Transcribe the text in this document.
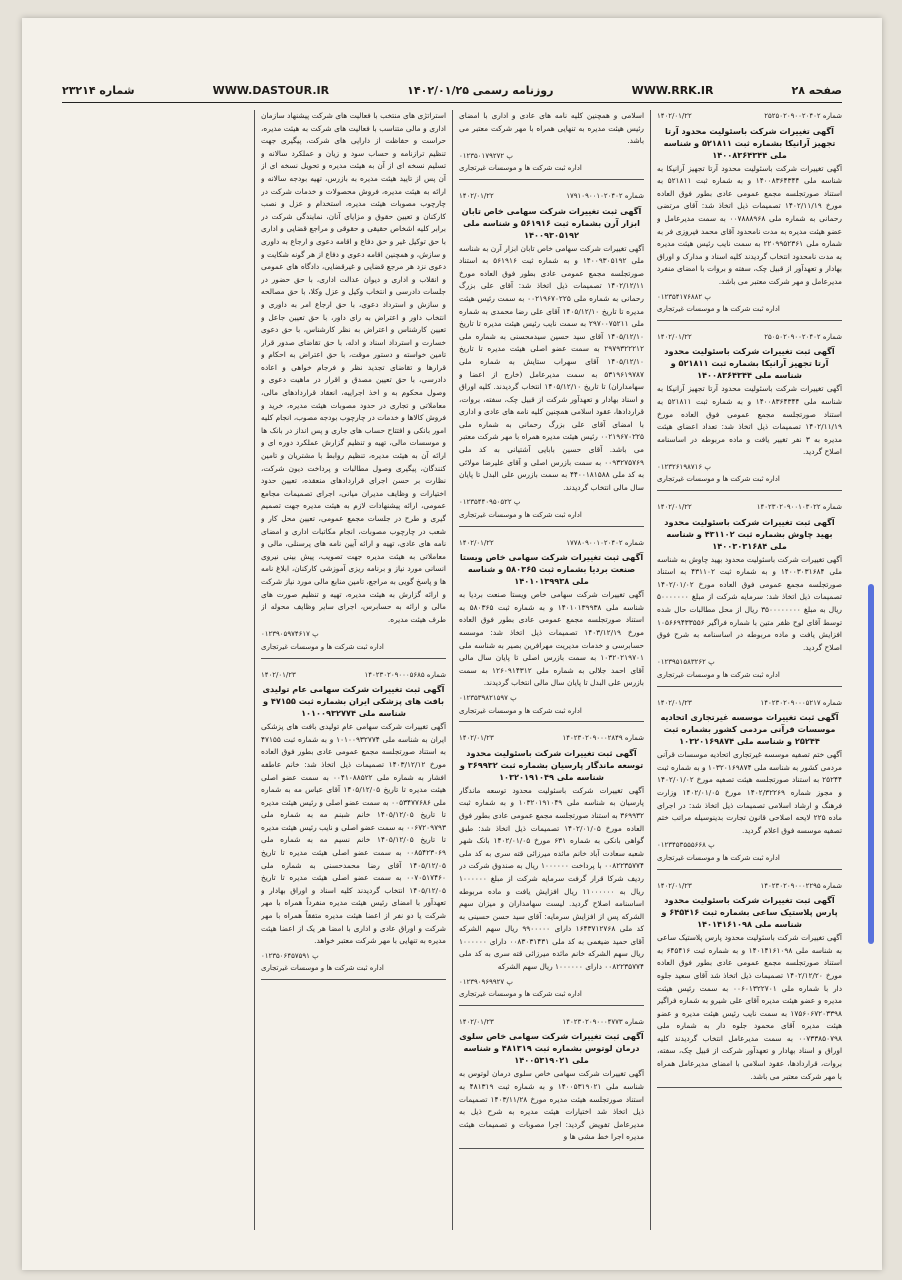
شماره ۲۳۲۱۴	WWW.DASTOUR.IR	روزنامه رسمی ۱۴۰۲/۰۱/۲۵	WWW.RRK.IR	صفحه ۲۸
۱۴۰۲/۰۱/۲۲	شماره ۲۵۲۵۰۲۰۹۰۰۲۰۴۰۲
آگهی تغییرات شرکت باسئولیت محدود آرتا تجهیز آرانیکا بشماره ثبت ۵۲۱۸۱۱ و شناسه ملی ۱۴۰۰۸۳۶۴۳۴۴
آگهی تغییرات شرکت باسئولیت محدود آرتا تجهیز آرانیکا به شناسه ملی ۱۴۰۰۸۳۶۴۳۴۴ و به شماره ثبت ۵۲۱۸۱۱ به استناد صورتجلسه مجمع عمومی عادی بطور فوق العاده مورخ ۱۴۰۲/۱۱/۱۹ تصمیمات ذیل اتخاذ شد: آقای مرتضی رحمانی به شماره ملی ۰۰۷۸۸۸۹۶۸ به سمت مدیرعامل و عضو هیئت مدیره به مدت نامحدود آقای محمد فیروزی فر به شماره ملی ۲۲۰۹۹۵۲۳۶۱ به سمت نایب رئیس هیئت مدیره به مدت نامحدود انتخاب گردیدند کلیه اسناد و مدارک و اوراق بهادار و تعهدآور از قبیل چک، سفته و بروات با امضای منفرد مدیرعامل و مهر شرکت معتبر می باشد.
پ ۰۱۲۳۵۴۱۷۶۸۸۲
اداره ثبت شرکت ها و موسسات غیرتجاری
۱۴۰۲/۰۱/۲۲	شماره ۲۵۰۵۰۲۰۹۰۰۲۰۴۰۲
آگهی ثبت تغییرات شرکت باسئولیت محدود آرتا تجهیز آرانیکا بشماره ثبت ۵۲۱۸۱۱ و شناسه ملی ۱۴۰۰۸۳۶۴۳۴۴
آگهی تغییرات شرکت باسئولیت محدود آرتا تجهیز آرانیکا به شناسه ملی ۱۴۰۰۸۳۶۴۳۴۴ و به شماره ثبت ۵۲۱۸۱۱ به استناد صورتجلسه مجمع عمومی فوق العاده مورخ ۱۴۰۲/۱۱/۱۹ تصمیمات ذیل اتخاذ شد: تعداد اعضای هیئت مدیره به ۳ نفر تغییر یافت و ماده مربوطه در اساسنامه اصلاح گردید.
پ ۰۱۲۳۲۶۱۹۸۷۱۶
اداره ثبت شرکت ها و موسسات غیرتجاری
۱۴۰۲/۰۱/۲۲	شماره ۱۴۰۲۳۰۲۰۹۰۰۱۰۳۰۲۲
آگهی ثبت تغییرات شرکت باسئولیت محدود بهید چاوش بشماره ثبت ۴۳۱۱۰۲ و شناسه ملی ۱۴۰۰۳۰۳۱۶۸۴
آگهی تغییرات شرکت باسئولیت محدود بهید چاوش به شناسه ملی ۱۴۰۰۳۰۳۱۶۸۴ و به شماره ثبت ۴۳۱۱۰۲ به استناد صورتجلسه مجمع عمومی فوق العاده مورخ ۱۴۰۲/۰۱/۰۲ تصمیمات ذیل اتخاذ شد: سرمایه شرکت از مبلغ ۵۰۰۰۰۰۰۰ ریال به مبلغ ۳۵۰۰۰۰۰۰۰۰ ریال از محل مطالبات حال شده توسط آقای لوح ظفر متین با شماره فراگیر ۱۰۵۶۶۹۴۳۳۵۵۶ افزایش یافت و ماده مربوطه در اساسنامه به شرح فوق اصلاح گردید.
پ ۰۱۲۳۹۵۱۵۸۳۲۶۲
اداره ثبت شرکت ها و موسسات غیرتجاری
۱۴۰۲/۰۱/۲۳	شماره ۱۴۰۲۳۰۲۰۹۰۰۰۵۲۱۷
آگهی ثبت تغییرات موسسه غیرتجاری اتحادیه موسسات قرآنی مردمی کشور بشماره ثبت ۲۵۲۴۴ و شناسه ملی ۱۰۳۲۰۱۶۹۸۷۴
آگهی ختم تصفیه موسسه غیرتجاری اتحادیه موسسات قرآنی مردمی کشور به شناسه ملی ۱۰۳۲۰۱۶۹۸۷۴ و به شماره ثبت ۲۵۲۴۴ به استناد صورتجلسه هیئت تصفیه مورخ ۱۴۰۲/۰۱/۰۲ و مجوز شماره ۱۴۰۲/۳۲۲۶۹ مورخ ۱۴۰۲/۰۱/۰۵ وزارت فرهنگ و ارشاد اسلامی تصمیمات ذیل اتخاذ شد: در اجرای ماده ۲۲۵ لایحه اصلاحی قانون تجارت بدینوسیله مراتب ختم تصفیه موسسه فوق اعلام گردید.
پ ۰۱۲۳۴۵۳۵۵۵۶۶۸
اداره ثبت شرکت ها و موسسات غیرتجاری
۱۴۰۲/۰۱/۲۳	شماره ۱۴۰۲۳۰۲۰۹۰۰۰۲۲۹۵
آگهی ثبت تغییرات شرکت باسئولیت محدود پارس پلاستیک ساعی بشماره ثبت ۶۴۵۴۱۶ و شناسه ملی ۱۴۰۱۴۱۶۱۰۹۸
آگهی تغییرات شرکت باسئولیت محدود پارس پلاستیک ساعی به شناسه ملی ۱۴۰۱۴۱۶۱۰۹۸ و به شماره ثبت ۶۴۵۴۱۶ به استناد صورتجلسه مجمع عمومی عادی بطور فوق العاده مورخ ۱۴۰۲/۱۲/۲۰ تصمیمات ذیل اتخاذ شد آقای سعید جلوه دار با شماره ملی ۰۰۶۰۱۳۲۲۷۰۱ به سمت رئیس هیئت مدیره و عضو هیئت مدیره آقای علی شیرو به شماره فراگیر ۱۷۵۶۰۶۷۲۰۳۳۹۸ به سمت نایب رئیس هیئت مدیره و عضو هیئت مدیره آقای محمود جلوه دار به شماره ملی ۰۰۷۳۳۸۵۰۷۹۸ به سمت مدیرعامل انتخاب گردیدند کلیه اوراق و اسناد بهادار و تعهدآور شرکت از قبیل چک، سفته، بروات، قراردادها، عقود اسلامی با امضای مدیرعامل همراه با مهر شرکت معتبر می باشد.
اسلامی و همچنین کلیه نامه های عادی و اداری با امضای رئیس هیئت مدیره به تنهایی همراه با مهر شرکت معتبر می باشد.
پ ۰۱۲۳۵۰۱۷۹۲۷۲
اداره ثبت شرکت ها و موسسات غیرتجاری
۱۴۰۲/۰۱/۲۲	شماره ۱۷۹۱۰۹۰۰۱۰۲۰۴۰۲
آگهی ثبت تغییرات شرکت سهامی خاص تابان ابزار آرن بشماره ثبت ۵۶۱۹۱۶ و شناسه ملی ۱۴۰۰۹۳۰۵۱۹۲
آگهی تغییرات شرکت سهامی خاص تابان ابزار آرن به شناسه ملی ۱۴۰۰۹۳۰۵۱۹۲ و به شماره ثبت ۵۶۱۹۱۶ به استناد صورتجلسه مجمع عمومی عادی بطور فوق العاده مورخ ۱۴۰۲/۱۲/۱۱ تصمیمات ذیل اتخاذ شد: آقای علی بزرگ رحمانی به شماره ملی ۰۰۲۱۹۶۷۰۲۲۵ به سمت رئیس هیئت مدیره تا تاریخ ۱۴۰۵/۱۲/۱۰ آقای علی رضا محمدی به شماره ملی ۲۹۷۰۰۷۵۲۱۱ به سمت نایب رئیس هیئت مدیره تا تاریخ ۱۴۰۵/۱۲/۱۰ آقای سید حسین سیدمحسنی به شماره ملی ۲۹۷۹۳۲۲۲۱۲ به سمت عضو اصلی هیئت مدیره تا تاریخ ۱۴۰۵/۱۲/۱۰ آقای سهراب ستایش به شماره ملی ۵۳۱۹۶۱۹۷۸۷ به سمت مدیرعامل (خارج از اعضا و سهامداران) تا تاریخ ۱۴۰۵/۱۲/۱۰ انتخاب گردیدند. کلیه اوراق و اسناد بهادار و تعهدآور شرکت از قبیل چک، سفته، بروات، قراردادها، عقود اسلامی همچنین کلیه نامه های عادی و اداری با امضای آقای علی بزرگ رحمانی به شماره ملی ۰۰۲۱۹۶۷۰۲۲۵ رئیس هیئت مدیره همراه با مهر شرکت معتبر می باشد. آقای حسین بابایی آشتیانی به کد ملی ۰۰۹۳۲۷۵۷۶۹ به سمت بازرس اصلی و آقای علیرضا مولائی به کد ملی ۴۴۰۰۱۸۱۵۸۸ به سمت بازرس علی البدل تا پایان سال مالی انتخاب گردیدند.
پ ۰۱۲۳۵۴۴۰۹۵۰۵۲۲
اداره ثبت شرکت ها و موسسات غیرتجاری
۱۴۰۲/۰۱/۲۲	شماره ۱۷۷۸۰۹۰۰۱۰۲۰۴۰۲
آگهی ثبت تغییرات شرکت سهامی خاص ویستا صنعت بردیا بشماره ثبت ۵۸۰۳۶۵ و شناسه ملی ۱۴۰۱۰۱۳۹۹۳۸
آگهی تغییرات شرکت سهامی خاص ویستا صنعت بردیا به شناسه ملی ۱۴۰۱۰۱۳۹۹۳۸ و به شماره ثبت ۵۸۰۳۶۵ به استناد صورتجلسه مجمع عمومی عادی بطور فوق العاده مورخ ۱۴۰۳/۱۲/۱۹ تصمیمات ذیل اتخاذ شد: موسسه حسابرسی و خدمات مدیریت مهرافرین بصیر به شناسه ملی ۱۰۳۲۰۲۱۹۷۰۱ به سمت بازرس اصلی تا پایان سال مالی آقای احمد جلالی به شماره ملی ۱۲۶۰۹۱۴۳۱۲ به سمت بازرس علی البدل تا پایان سال مالی انتخاب گردیدند.
پ ۰۱۲۳۵۳۹۸۲۱۵۹۷
اداره ثبت شرکت ها و موسسات غیرتجاری
۱۴۰۲/۰۱/۲۳	شماره ۱۴۰۲۳۰۲۰۹۰۰۰۲۸۴۹
آگهی ثبت تغییرات شرکت باسئولیت محدود توسعه ماندگار پارسیان بشماره ثبت ۳۶۹۹۳۲ و شناسه ملی ۱۰۳۲۰۱۹۱۰۴۹
آگهی تغییرات شرکت باسئولیت محدود توسعه ماندگار پارسیان به شناسه ملی ۱۰۳۲۰۱۹۱۰۴۹ و به شماره ثبت ۳۶۹۹۳۲ به استناد صورتجلسه مجمع عمومی عادی بطور فوق العاده مورخ ۱۴۰۲/۰۱/۰۵ تصمیمات ذیل اتخاذ شد: طبق گواهی بانکی به شماره ۶۳۱ مورخ ۱۴۰۲/۰۱/۰۵ بانک شهر شعبه سعادت آباد خانم مائده میرزائی قته سری به کد ملی ۰۰۸۲۲۳۵۷۷۴ با پرداخت ۱۰۰۰۰۰۰ ریال به صندوق شرکت در ردیف شرکا قرار گرفت سرمایه شرکت از مبلغ ۱۰۰۰۰۰۰ ریال به ۱۱۰۰۰۰۰۰ ریال افزایش یافت و ماده مربوطه اساسنامه اصلاح گردید. لیست سهامداران و میزان سهم الشرکه پس از افزایش سرمایه: آقای سید حسن حسینی به کد ملی ۱۶۴۳۷۱۲۷۶۸ دارای ۹۹۰۰۰۰۰ ریال سهم الشرکه آقای حمید ضیغمی به کد ملی ۰۰۸۳۰۳۱۴۳۱ دارای ۱۰۰۰۰۰۰ ریال سهم الشرکه خانم مائده میرزائی قته سری به کد ملی ۰۰۸۲۲۳۵۷۷۴ دارای ۱۰۰۰۰۰۰ ریال سهم الشرکه
پ ۰۱۲۳۹۰۹۶۹۹۲۷
اداره ثبت شرکت ها و موسسات غیرتجاری
۱۴۰۲/۰۱/۲۳	شماره ۱۴۰۲۳۰۲۰۹۰۰۰۴۷۷۳
آگهی ثبت تغییرات شرکت سهامی خاص سلوی درمان لوتوس بشماره ثبت ۴۸۱۳۱۹ و شناسه ملی ۱۴۰۰۵۳۱۹۰۲۱
آگهی تغییرات شرکت سهامی خاص سلوی درمان لوتوس به شناسه ملی ۱۴۰۰۵۳۱۹۰۲۱ و به شماره ثبت ۴۸۱۳۱۹ به استناد صورتجلسه هیئت مدیره مورخ ۱۴۰۳/۱۱/۲۸ تصمیمات ذیل اتخاذ شد اختیارات هیئت مدیره به شرح ذیل به مدیرعامل تفویض گردید: اجرا مصوبات و تصمیمات هیئت مدیره اجرا خط مشی ها و
استراتژی های منتخب با فعالیت های شرکت پیشنهاد سازمان اداری و مالی متناسب با فعالیت های شرکت به هیئت مدیره، حراست و حفاظت از دارایی های شرکت، پیگیری جهت تنظیم ترازنامه و حساب سود و زیان و عملکرد سالانه و تسلیم نسخه ای از آن به هیئت مدیره و تحویل نسخه ای از آن پس از تایید هیئت مدیره به بازرس، تهیه بودجه سالانه و ارائه به هیئت مدیره، فروش محصولات و خدمات شرکت در چارچوب مصوبات هیئت مدیره، استخدام و عزل و نصب کارکنان و تعیین حقوق و مزایای آنان، نمایندگی شرکت در برابر کلیه اشخاص حقیقی و حقوقی و مراجع قضایی و اداری با حق توکیل غیر و حق دفاع و اقامه دعوی و ارجاع به داوری و سازش، و همچنین اقامه دعوی و دفاع از هر گونه شکایت و دعوی نزد هر مرجع قضایی و غیرقضایی، دادگاه های عمومی و انقلاب و اداری و دیوان عدالت اداری، با حق حضور در جلسات دادرسی و انتخاب وکیل و عزل وکلا، با حق مصالحه و سازش و استرداد دعوی، با حق ارجاع امر به داوری و انتخاب داور و اعتراض به رای داور، با حق تعیین جاعل و تعیین کارشناس و اعتراض به نظر کارشناس، با حق دعوی خسارت و استرداد اسناد و ادله، با حق تقاضای صدور قرار تامین خواسته و دستور موقت، با حق اعتراض به احکام و قرارها و تقاضای تجدید نظر و فرجام خواهی و اعاده دادرسی، با حق تعیین مصدق و اقرار در ماهیت دعوی و وصول محکوم به و اخذ اجراییه، انعقاد قراردادهای مالی، معاملاتی و تجاری در حدود مصوبات هیئت مدیره، خرید و فروش کالاها و خدمات در چارچوب بودجه مصوب، انجام کلیه امور بانکی و افتتاح حساب های جاری و پس انداز در بانک ها و موسسات مالی، تهیه و تنظیم گزارش عملکرد دوره ای و ارائه آن به هیئت مدیره، تنظیم روابط با مشتریان و تامین کنندگان، پیگیری وصول مطالبات و پرداخت دیون شرکت، نظارت بر حسن اجرای قراردادهای منعقده، تعیین حدود اختیارات و وظایف مدیران میانی، اجرای تصمیمات مجامع عمومی، ارائه پیشنهادات لازم به هیئت مدیره جهت تصمیم گیری و طرح در جلسات مجمع عمومی، تعیین محل کار و شعب در چارچوب مصوبات، انجام مکاتبات اداری و امضای نامه های عادی، تهیه و ارائه آیین نامه های پرسنلی، مالی و معاملاتی به هیئت مدیره جهت تصویب، پیش بینی نیروی انسانی مورد نیاز و برنامه ریزی آموزشی کارکنان، ابلاغ نامه ها و پاسخ گویی به مراجع، تامین منابع مالی مورد نیاز شرکت و ارائه گزارش به هیئت مدیره، تهیه و تنظیم صورت های مالی و ارائه به حسابرس، اجرای سایر وظایف محوله از طرف هیئت مدیره.
پ ۰۱۲۳۹۰۵۹۷۴۶۱۷
اداره ثبت شرکت ها و موسسات غیرتجاری
۱۴۰۲/۰۱/۲۳	شماره ۱۴۰۲۳۰۲۰۹۰۰۰۵۶۸۵
آگهی ثبت تغییرات شرکت سهامی عام تولیدی بافت های پزشکی ایران بشماره ثبت ۴۷۱۵۵ و شناسه ملی ۱۰۱۰۰۹۳۲۷۷۴
آگهی تغییرات شرکت سهامی عام تولیدی بافت های پزشکی ایران به شناسه ملی ۱۰۱۰۰۹۳۲۷۷۴ و به شماره ثبت ۴۷۱۵۵ به استناد صورتجلسه مجمع عمومی عادی بطور فوق العاده مورخ ۱۴۰۳/۱۲/۱۲ تصمیمات ذیل اتخاذ شد: خانم عاطفه افشار به شماره ملی ۰۰۴۱۰۸۸۵۲۲ به سمت عضو اصلی هیئت مدیره تا تاریخ ۱۴۰۵/۱۲/۰۵ آقای عباس مه به شماره ملی ۰۰۵۳۴۷۷۶۸۶ به سمت عضو اصلی و رئیس هیئت مدیره تا تاریخ ۱۴۰۵/۱۲/۰۵ خانم شبنم مه به شماره ملی ۰۰۶۷۲۰۹۷۹۳ به سمت عضو اصلی و نایب رئیس هیئت مدیره تا تاریخ ۱۴۰۵/۱۲/۰۵ خانم نسیم مه به شماره ملی ۰۰۸۵۴۲۳۰۶۹ به سمت عضو اصلی هیئت مدیره تا تاریخ ۱۴۰۵/۱۲/۰۵ آقای رضا محمدحسنی به شماره ملی ۰۰۷۰۵۱۷۴۶۰ به سمت عضو اصلی هیئت مدیره تا تاریخ ۱۴۰۵/۱۲/۰۵ انتخاب گردیدند کلیه اسناد و اوراق بهادار و تعهدآور با امضای رئیس هیئت مدیره منفرداً همراه با مهر شرکت یا دو نفر از اعضا هیئت مدیره متفقاً همراه با مهر شرکت و اوراق عادی و اداری با امضا هر یک از اعضا هیئت مدیره به تنهایی با مهر شرکت معتبر خواهد.
پ ۰۱۲۳۵۰۶۴۵۷۵۹۱
اداره ثبت شرکت ها و موسسات غیرتجاری
